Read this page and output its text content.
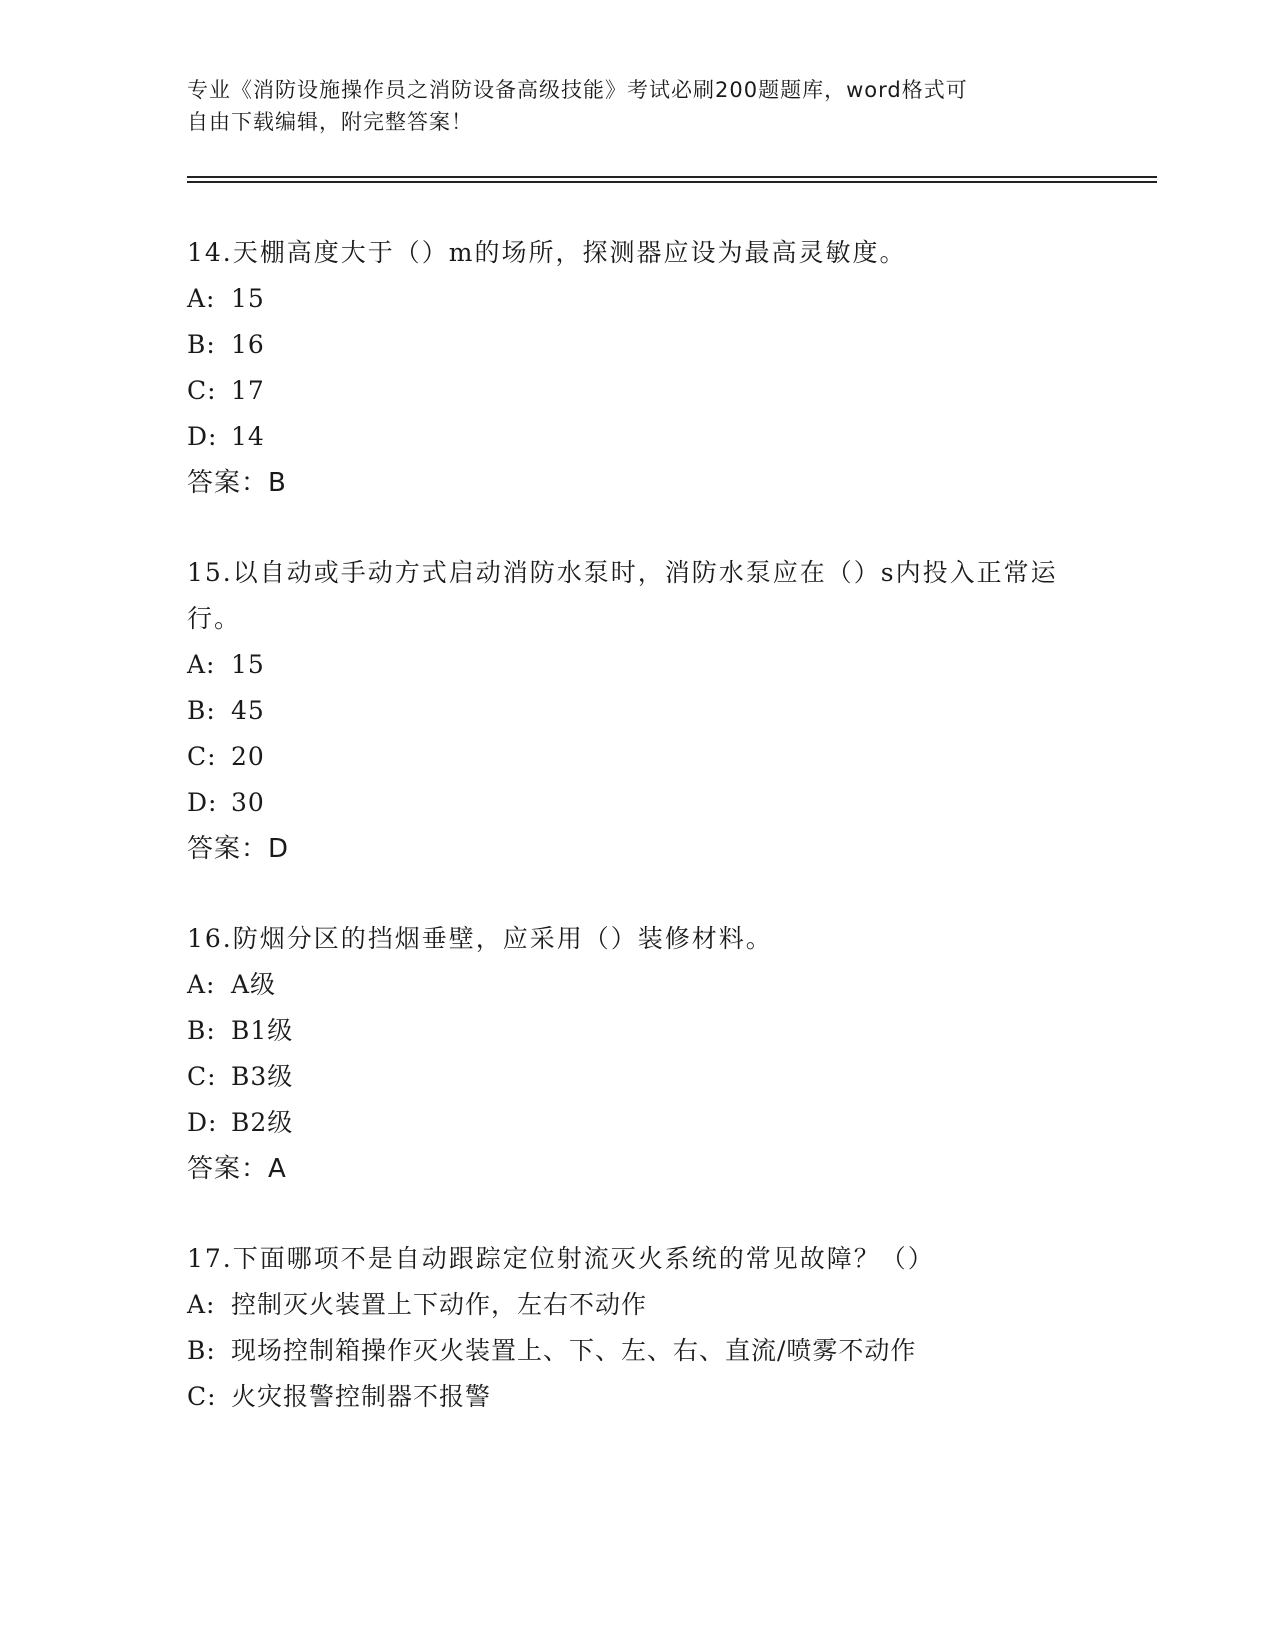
专业《消防设施操作员之消防设备高级技能》考试必刷200题题库，word格式可
自由下载编辑，附完整答案！
14.天棚高度大于（）m的场所，探测器应设为最高灵敏度。
A: 15
B: 16
C: 17
D: 14
答案：B
15.以自动或手动方式启动消防水泵时，消防水泵应在（）s内投入正常运行。
A: 15
B: 45
C: 20
D: 30
答案：D
16.防烟分区的挡烟垂壁，应采用（）装修材料。
A: A级
B: B1级
C: B3级
D: B2级
答案：A
17.下面哪项不是自动跟踪定位射流灭火系统的常见故障？（）
A: 控制灭火装置上下动作，左右不动作
B: 现场控制箱操作灭火装置上、下、左、右、直流/喷雾不动作
C: 火灾报警控制器不报警
